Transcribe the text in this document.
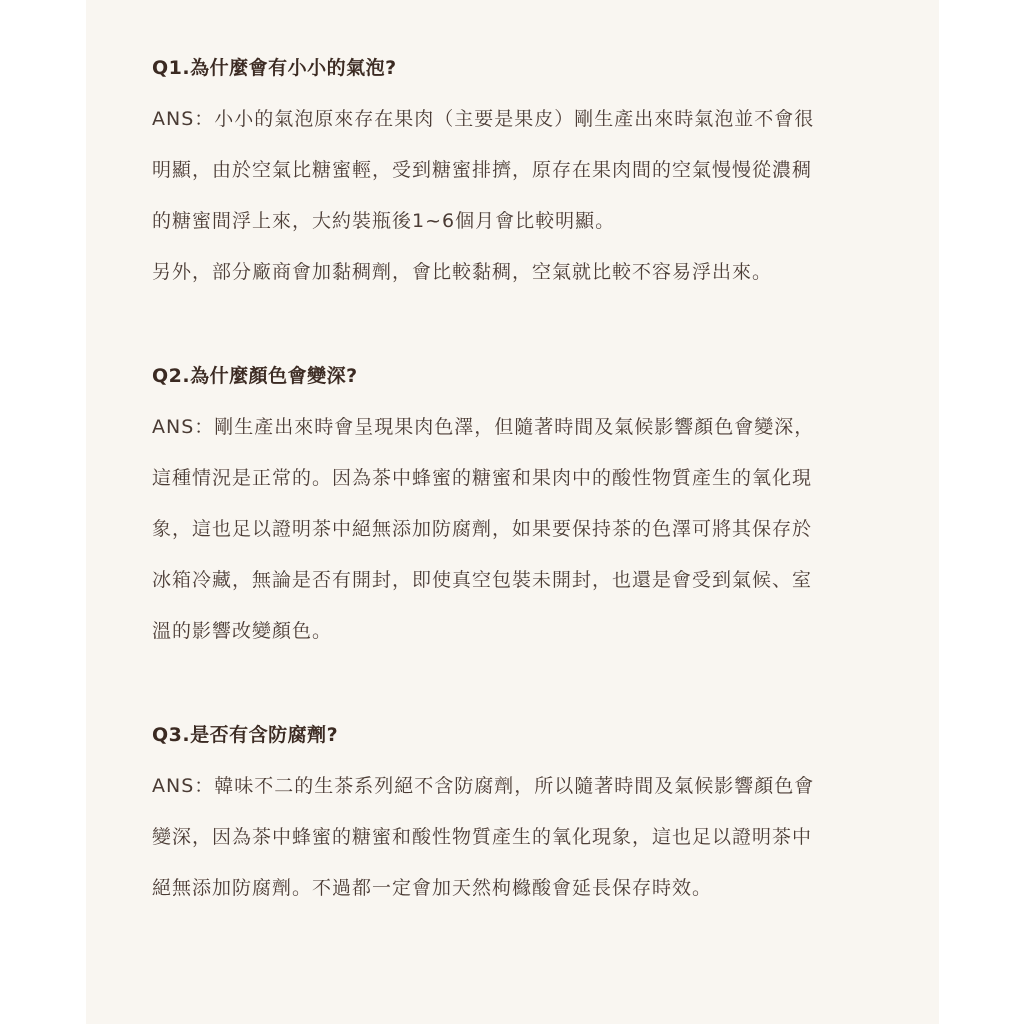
Q1.為什麼會有小小的氣泡?

ANS：小小的氣泡原來存在果肉（主要是果皮）剛生產出來時氣泡並不會很

明顯，由於空氣比糖蜜輕，受到糖蜜排擠，原存在果肉間的空氣慢慢從濃稠

的糖蜜間浮上來，大約裝瓶後1~6個月會比較明顯。

另外，部分廠商會加黏稠劑，會比較黏稠，空氣就比較不容易浮出來。

Q2.為什麼顏色會變深?

ANS：剛生產出來時會呈現果肉色澤，但隨著時間及氣候影響顏色會變深，

這種情況是正常的。因為茶中蜂蜜的糖蜜和果肉中的酸性物質產生的氧化現

象，這也足以證明茶中絕無添加防腐劑，如果要保持茶的色澤可將其保存於

冰箱冷藏，無論是否有開封，即使真空包裝未開封，也還是會受到氣候、室

溫的影響改變顏色。

Q3.是否有含防腐劑?

ANS：韓味不二的生茶系列絕不含防腐劑，所以隨著時間及氣候影響顏色會

變深，因為茶中蜂蜜的糖蜜和酸性物質產生的氧化現象，這也足以證明茶中

絕無添加防腐劑。不過都一定會加天然枸櫞酸會延長保存時效。
